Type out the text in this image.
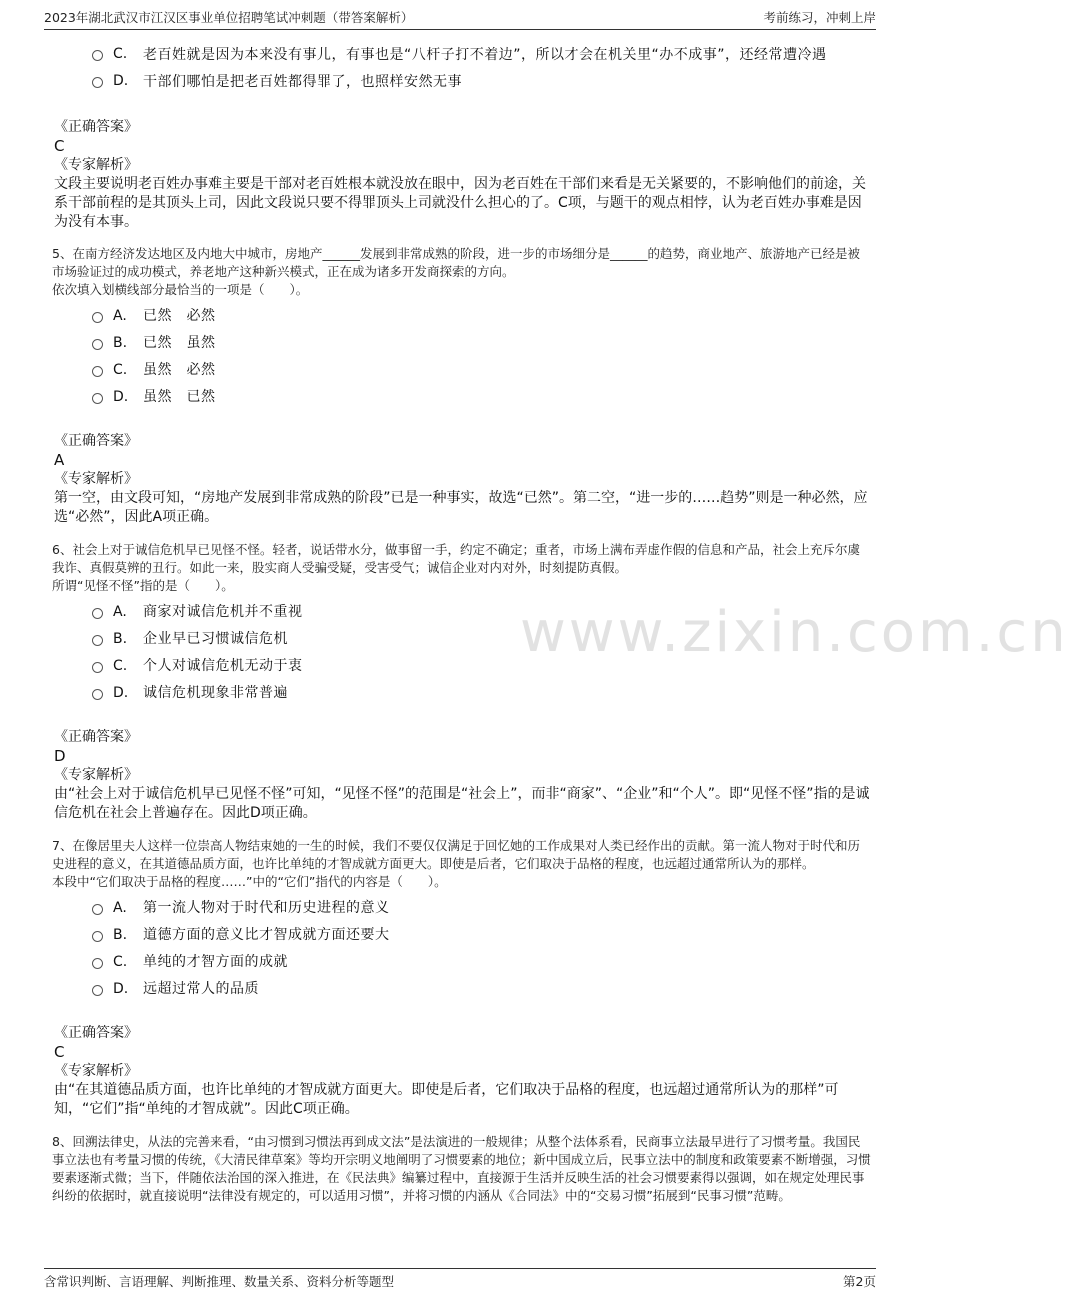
2023年湖北武汉市江汉区事业单位招聘笔试冲刺题（带答案解析）	考前练习，冲刺上岸
www.zixin.com.cn
C.	老百姓就是因为本来没有事儿，有事也是“八杆子打不着边”，所以才会在机关里“办不成事”，还经常遭冷遇
D.	干部们哪怕是把老百姓都得罪了，也照样安然无事
《正确答案》
C
《专家解析》
文段主要说明老百姓办事难主要是干部对老百姓根本就没放在眼中，因为老百姓在干部们来看是无关紧要的，不影响他们的前途，关系干部前程的是其顶头上司，因此文段说只要不得罪顶头上司就没什么担心的了。C项，与题干的观点相悖，认为老百姓办事难是因为没有本事。
5、在南方经济发达地区及内地大中城市，房地产______发展到非常成熟的阶段，进一步的市场细分是______的趋势，商业地产、旅游地产已经是被市场验证过的成功模式，养老地产这种新兴模式，正在成为诸多开发商探索的方向。
依次填入划横线部分最恰当的一项是（　　）。
A.	已然　必然
B.	已然　虽然
C.	虽然　必然
D.	虽然　已然
《正确答案》
A
《专家解析》
第一空，由文段可知，“房地产发展到非常成熟的阶段”已是一种事实，故选“已然”。第二空，“进一步的……趋势”则是一种必然，应选“必然”，因此A项正确。
6、社会上对于诚信危机早已见怪不怪。轻者，说话带水分，做事留一手，约定不确定；重者，市场上满布弄虚作假的信息和产品，社会上充斥尔虞我诈、真假莫辨的丑行。如此一来，股实商人受骗受疑，受害受气；诚信企业对内对外，时刻提防真假。
所谓“见怪不怪”指的是（　　）。
A.	商家对诚信危机并不重视
B.	企业早已习惯诚信危机
C.	个人对诚信危机无动于衷
D.	诚信危机现象非常普遍
《正确答案》
D
《专家解析》
由“社会上对于诚信危机早已见怪不怪”可知，“见怪不怪”的范围是“社会上”，而非“商家”、“企业”和“个人”。即“见怪不怪”指的是诚信危机在社会上普遍存在。因此D项正确。
7、在像居里夫人这样一位崇高人物结束她的一生的时候，我们不要仅仅满足于回忆她的工作成果对人类已经作出的贡献。第一流人物对于时代和历史进程的意义，在其道德品质方面，也许比单纯的才智成就方面更大。即使是后者，它们取决于品格的程度，也远超过通常所认为的那样。
本段中“它们取决于品格的程度……”中的“它们”指代的内容是（　　）。
A.	第一流人物对于时代和历史进程的意义
B.	道德方面的意义比才智成就方面还要大
C.	单纯的才智方面的成就
D.	远超过常人的品质
《正确答案》
C
《专家解析》
由“在其道德品质方面，也许比单纯的才智成就方面更大。即使是后者，它们取决于品格的程度，也远超过通常所认为的那样”可知，“它们”指“单纯的才智成就”。因此C项正确。
8、回溯法律史，从法的完善来看，“由习惯到习惯法再到成文法”是法演进的一般规律；从整个法体系看，民商事立法最早进行了习惯考量。我国民事立法也有考量习惯的传统，《大清民律草案》等均开宗明义地阐明了习惯要素的地位；新中国成立后，民事立法中的制度和政策要素不断增强，习惯要素逐渐式微；当下，伴随依法治国的深入推进，在《民法典》编纂过程中，直接源于生活并反映生活的社会习惯要素得以强调，如在规定处理民事纠纷的依据时，就直接说明“法律没有规定的，可以适用习惯”，并将习惯的内涵从《合同法》中的“交易习惯”拓展到“民事习惯”范畴。
含常识判断、言语理解、判断推理、数量关系、资料分析等题型	第2页
